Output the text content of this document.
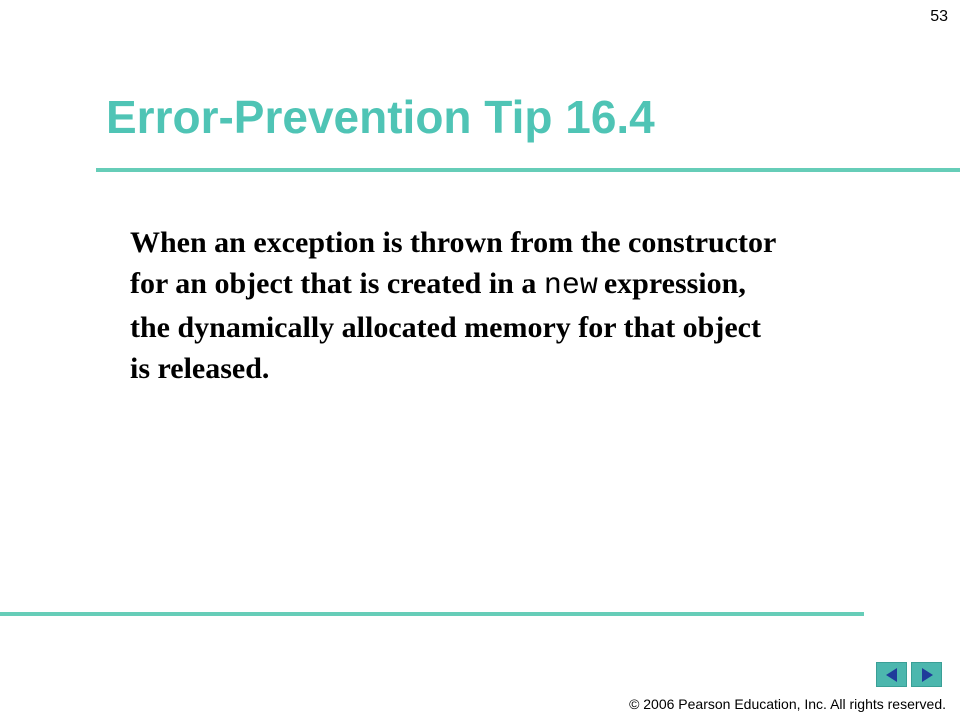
53
Error-Prevention Tip 16.4
When an exception is thrown from the constructor
for an object that is created in a new expression,
the dynamically allocated memory for that object
is released.
© 2006 Pearson Education, Inc. All rights reserved.
